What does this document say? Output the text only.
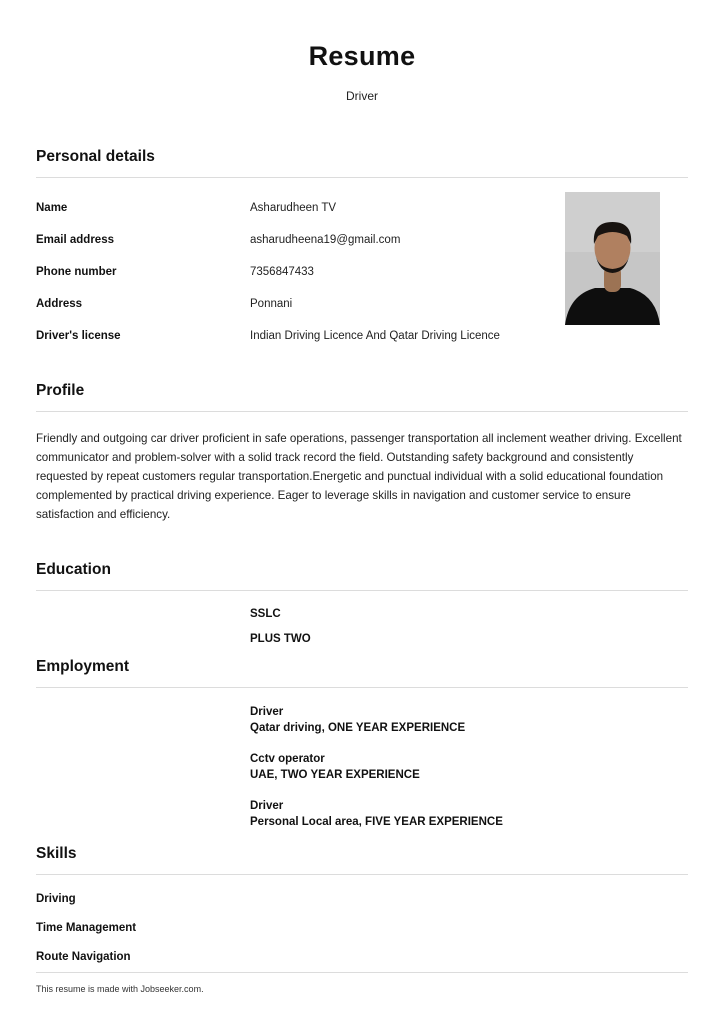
Resume
Driver
Personal details
Name	Asharudheen TV
Email address	asharudheena19@gmail.com
Phone number	7356847433
Address	Ponnani
Driver's license	Indian Driving Licence And Qatar Driving Licence
Profile
Friendly and outgoing car driver proficient in safe operations, passenger transportation all inclement weather driving. Excellent communicator and problem-solver with a solid track record the field. Outstanding safety background and consistently requested by repeat customers regular transportation.Energetic and punctual individual with a solid educational foundation complemented by practical driving experience. Eager to leverage skills in navigation and customer service to ensure satisfaction and efficiency.
Education
SSLC
PLUS TWO
Employment
Driver
Qatar driving, ONE YEAR EXPERIENCE
Cctv operator
UAE, TWO YEAR EXPERIENCE
Driver
Personal Local area, FIVE YEAR EXPERIENCE
Skills
Driving
Time Management
Route Navigation
This resume is made with Jobseeker.com.
